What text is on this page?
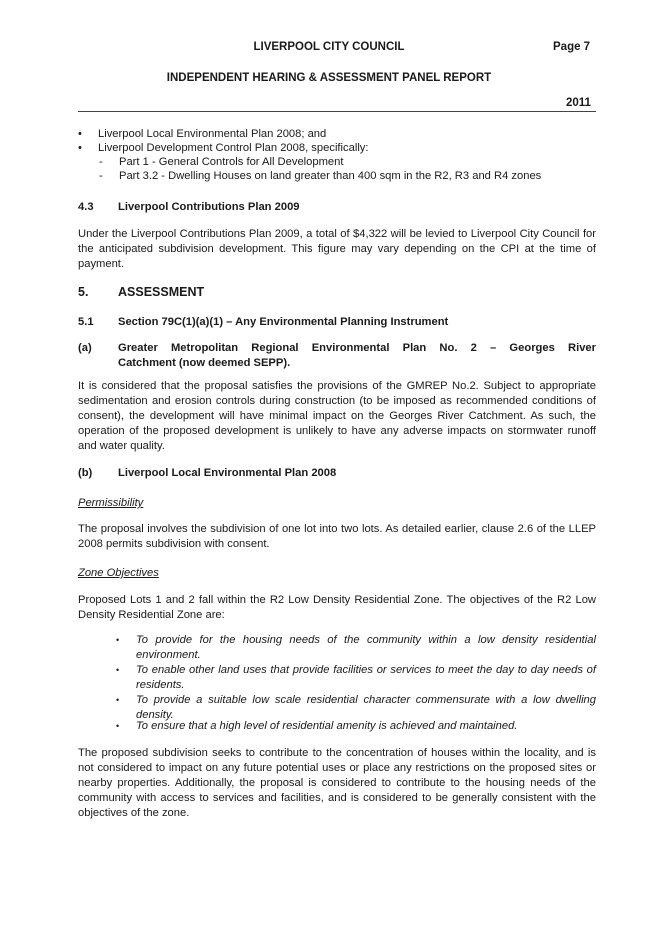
LIVERPOOL CITY COUNCIL	Page 7
INDEPENDENT HEARING & ASSESSMENT PANEL REPORT
2011
• Liverpool Local Environmental Plan 2008; and
• Liverpool Development Control Plan 2008, specifically:
- Part 1 - General Controls for All Development
- Part 3.2 - Dwelling Houses on land greater than 400 sqm in the R2, R3 and R4 zones
4.3 Liverpool Contributions Plan 2009
Under the Liverpool Contributions Plan 2009, a total of $4,322 will be levied to Liverpool City Council for the anticipated subdivision development. This figure may vary depending on the CPI at the time of payment.
5. ASSESSMENT
5.1 Section 79C(1)(a)(1) – Any Environmental Planning Instrument
(a) Greater Metropolitan Regional Environmental Plan No. 2 – Georges River
Catchment (now deemed SEPP).
It is considered that the proposal satisfies the provisions of the GMREP No.2. Subject to appropriate sedimentation and erosion controls during construction (to be imposed as recommended conditions of consent), the development will have minimal impact on the Georges River Catchment. As such, the operation of the proposed development is unlikely to have any adverse impacts on stormwater runoff and water quality.
(b) Liverpool Local Environmental Plan 2008
Permissibility
The proposal involves the subdivision of one lot into two lots. As detailed earlier, clause 2.6 of the LLEP 2008 permits subdivision with consent.
Zone Objectives
Proposed Lots 1 and 2 fall within the R2 Low Density Residential Zone. The objectives of the R2 Low Density Residential Zone are:
• To provide for the housing needs of the community within a low density residential environment.
• To enable other land uses that provide facilities or services to meet the day to day needs of residents.
• To provide a suitable low scale residential character commensurate with a low dwelling density.
• To ensure that a high level of residential amenity is achieved and maintained.
The proposed subdivision seeks to contribute to the concentration of houses within the locality, and is not considered to impact on any future potential uses or place any restrictions on the proposed sites or nearby properties. Additionally, the proposal is considered to contribute to the housing needs of the community with access to services and facilities, and is considered to be generally consistent with the objectives of the zone.
